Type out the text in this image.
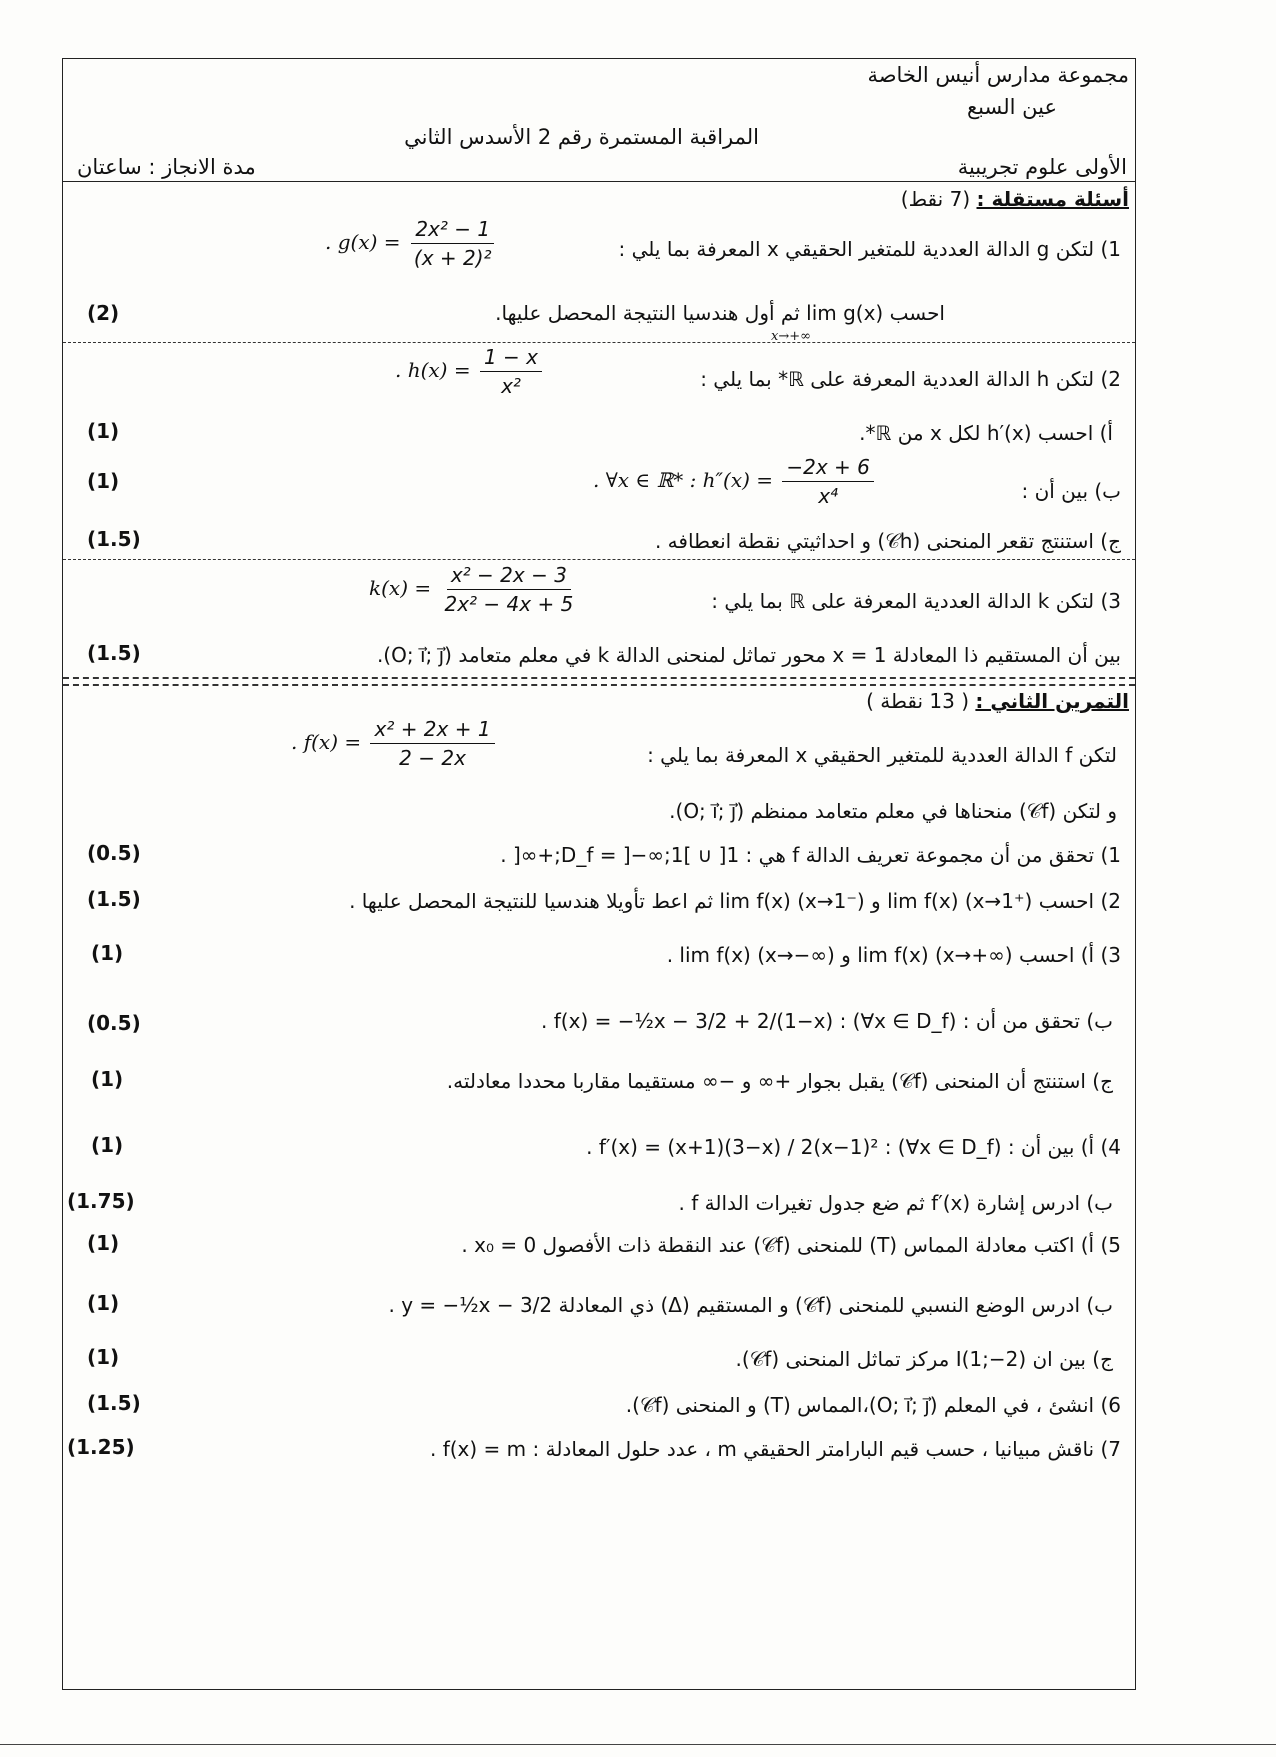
مجموعة مدارس أنيس الخاصة
عين السبع
المراقبة المستمرة رقم 2 الأسدس الثاني
الأولى علوم تجريبية
مدة الانجاز : ساعتان
أسئلة مستقلة : (7 نقط)
1) لتكن g الدالة العددية للمتغير الحقيقي x المعرفة بما يلي :
. $g(x) = \frac{\text{2x² − 1}}{\text{(x + 2)²}}$
احسب lim g(x) ثم أول هندسيا النتيجة المحصل عليها.
x→+∞
(2)
2) لتكن h الدالة العددية المعرفة على ℝ* بما يلي :
. $h(x) = \frac{1 - x}{\text{x²}}$
أ) احسب h′(x) لكل x من ℝ*.
(1)
ب) بين أن :
. ∀x ∈ ℝ* : $h''(x) = \frac{-2x + 6}{\text{x⁴}}$
(1)
ج) استنتج تقعر المنحنى (𝒞h) و احداثيتي نقطة انعطافه .
(1.5)
3) لتكن k الدالة العددية المعرفة على ℝ بما يلي :
$k(x) = \frac{\text{x² − 2x − 3}}{\text{2x² − 4x + 5}}$
بين أن المستقيم ذا المعادلة x = 1 محور تماثل لمنحنى الدالة k في معلم متعامد (O; i⃗; j⃗).
(1.5)
التمرين الثاني : ( 13 نقطة )
لتكن f الدالة العددية للمتغير الحقيقي x المعرفة بما يلي :
. $f(x) = \frac{\text{x² + 2x + 1}}{2 - 2x}$
و لتكن (𝒞f) منحناها في معلم متعامد ممنظم (O; i⃗; j⃗).
1) تحقق من أن مجموعة تعريف الدالة f هي : D_f = ]−∞;1[ ∪ ]1;+∞[ .
(0.5)
2) احسب lim f(x) (x→1⁺) و lim f(x) (x→1⁻) ثم اعط تأويلا هندسيا للنتيجة المحصل عليها .
(1.5)
3) أ) احسب lim f(x) (x→+∞) و lim f(x) (x→−∞) .
(1)
ب) تحقق من أن : f(x) = −½x − 3/2 + 2/(1−x) : (∀x ∈ D_f) .
(0.5)
ج) استنتج أن المنحنى (𝒞f) يقبل بجوار +∞ و −∞ مستقيما مقاربا محددا معادلته.
(1)
4) أ) بين أن : f′(x) = (x+1)(3−x) / 2(x−1)² : (∀x ∈ D_f) .
(1)
ب) ادرس إشارة f′(x) ثم ضع جدول تغيرات الدالة f .
(1.75)
5) أ) اكتب معادلة المماس (T) للمنحنى (𝒞f) عند النقطة ذات الأفصول x₀ = 0 .
(1)
ب) ادرس الوضع النسبي للمنحنى (𝒞f) و المستقيم (Δ) ذي المعادلة y = −½x − 3/2 .
(1)
ج) بين ان I(1;−2) مركز تماثل المنحنى (𝒞f).
(1)
6) انشئ ، في المعلم (O; i⃗; j⃗)،المماس (T) و المنحنى (𝒞f).
(1.5)
7) ناقش مبيانيا ، حسب قيم البارامتر الحقيقي m ، عدد حلول المعادلة : f(x) = m .
(1.25)
